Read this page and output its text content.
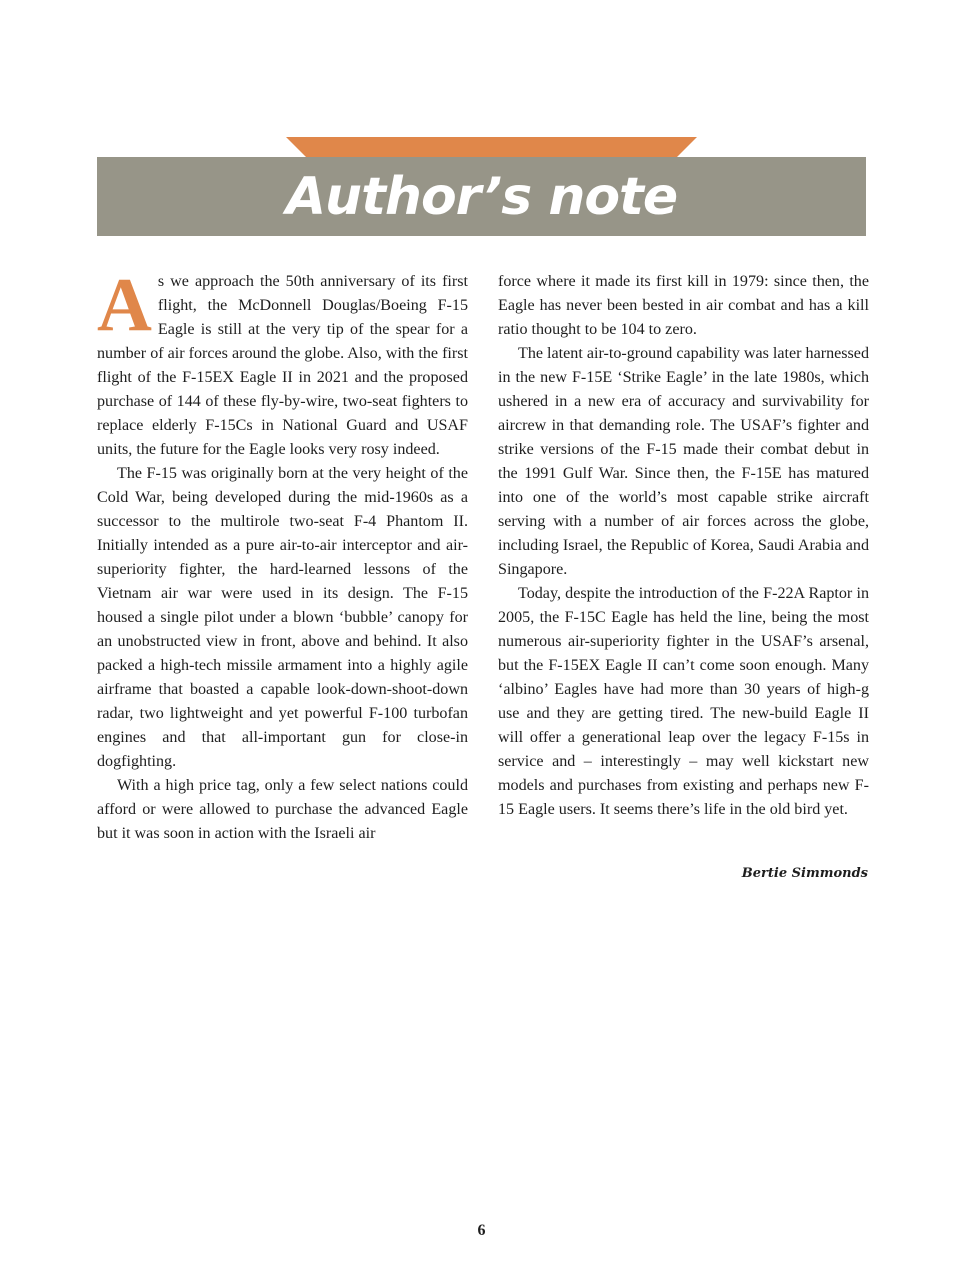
Author’s note

As we approach the 50th anniversary of its first flight, the McDonnell Douglas/Boeing F-15 Eagle is still at the very tip of the spear for a number of air forces around the globe. Also, with the first flight of the F-15EX Eagle II in 2021 and the proposed purchase of 144 of these fly-by-wire, two-seat fighters to replace elderly F-15Cs in National Guard and USAF units, the future for the Eagle looks very rosy indeed.

The F-15 was originally born at the very height of the Cold War, being developed during the mid-1960s as a successor to the multirole two-seat F-4 Phantom II. Initially intended as a pure air-to-air interceptor and air-superiority fighter, the hard-learned lessons of the Vietnam air war were used in its design. The F-15 housed a single pilot under a blown ‘bubble’ canopy for an unobstructed view in front, above and behind. It also packed a high-tech missile armament into a highly agile airframe that boasted a capable look-down-shoot-down radar, two lightweight and yet powerful F-100 turbofan engines and that all-important gun for close-in dogfighting.

With a high price tag, only a few select nations could afford or were allowed to purchase the advanced Eagle but it was soon in action with the Israeli air

force where it made its first kill in 1979: since then, the Eagle has never been bested in air combat and has a kill ratio thought to be 104 to zero.

The latent air-to-ground capability was later harnessed in the new F-15E ‘Strike Eagle’ in the late 1980s, which ushered in a new era of accuracy and survivability for aircrew in that demanding role. The USAF’s fighter and strike versions of the F-15 made their combat debut in the 1991 Gulf War. Since then, the F-15E has matured into one of the world’s most capable strike aircraft serving with a number of air forces across the globe, including Israel, the Republic of Korea, Saudi Arabia and Singapore.

Today, despite the introduction of the F-22A Raptor in 2005, the F-15C Eagle has held the line, being the most numerous air-superiority fighter in the USAF’s arsenal, but the F-15EX Eagle II can’t come soon enough. Many ‘albino’ Eagles have had more than 30 years of high-g use and they are getting tired. The new-build Eagle II will offer a generational leap over the legacy F-15s in service and – interestingly – may well kickstart new models and purchases from existing and perhaps new F-15 Eagle users. It seems there’s life in the old bird yet.

Bertie Simmonds
6
